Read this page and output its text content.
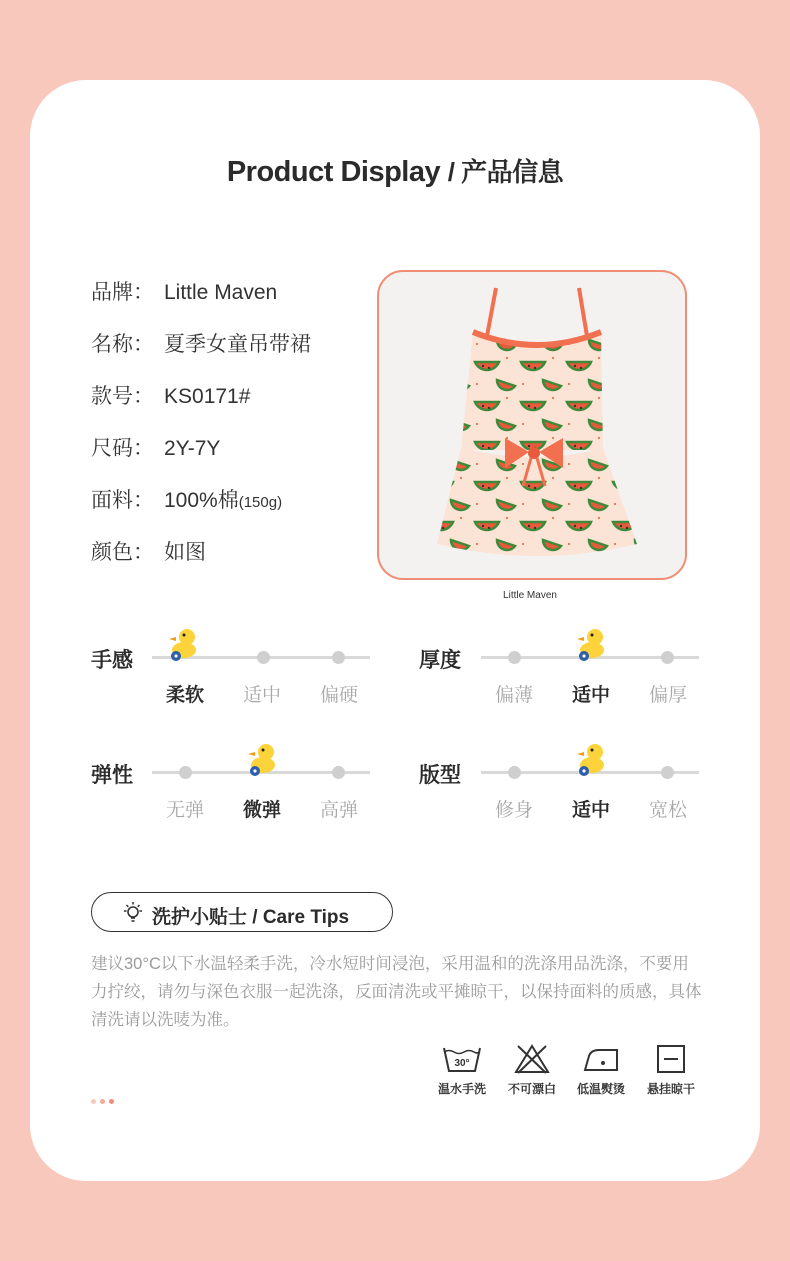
Product Display / 产品信息
品牌： Little Maven
名称： 夏季女童吊带裙
款号： KS0171#
尺码： 2Y-7Y
面料： 100%棉(150g)
颜色： 如图
Little Maven
手感
柔软	适中	偏硬
厚度
偏薄	适中	偏厚
弹性
无弹	微弹	高弹
版型
修身	适中	宽松
洗护小贴士 / Care Tips
建议30°C以下水温轻柔手洗，冷水短时间浸泡，采用温和的洗涤用品洗涤，不要用力拧绞，请勿与深色衣服一起洗涤，反面清洗或平摊晾干，以保持面料的质感，具体清洗请以洗唛为准。
30°
温水手洗	不可漂白	低温熨烫	悬挂晾干
